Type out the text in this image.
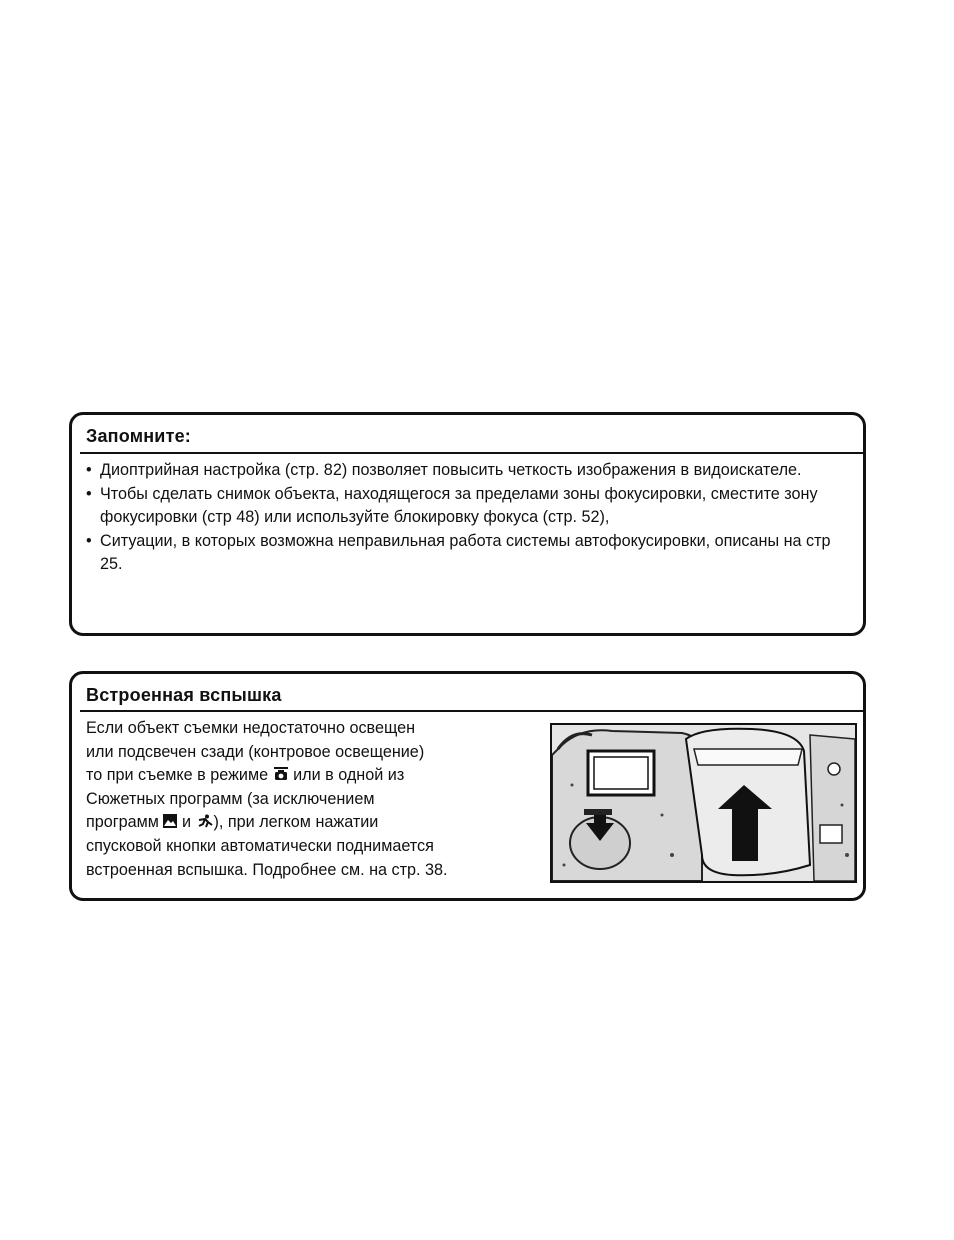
Запомните:
• Диоптрийная настройка (стр. 82) позволяет повысить четкость изображения в видоискателе.
• Чтобы сделать снимок объекта, находящегося за пределами зоны фокусировки, сместите зону фокусировки (стр 48) или используйте блокировку фокуса (стр. 52),
• Ситуации, в которых возможна неправильная работа системы автофокусировки, описаны на стр 25.
Встроенная вспышка
Если объект съемки недостаточно освещен
или подсвечен сзади (контровое освещение)
то при съемке в режиме или в одной из
Сюжетных программ (за исключением
программ и ), при легком нажатии
спусковой кнопки автоматически поднимается
встроенная вспышка. Подробнее см. на стр. 38.
